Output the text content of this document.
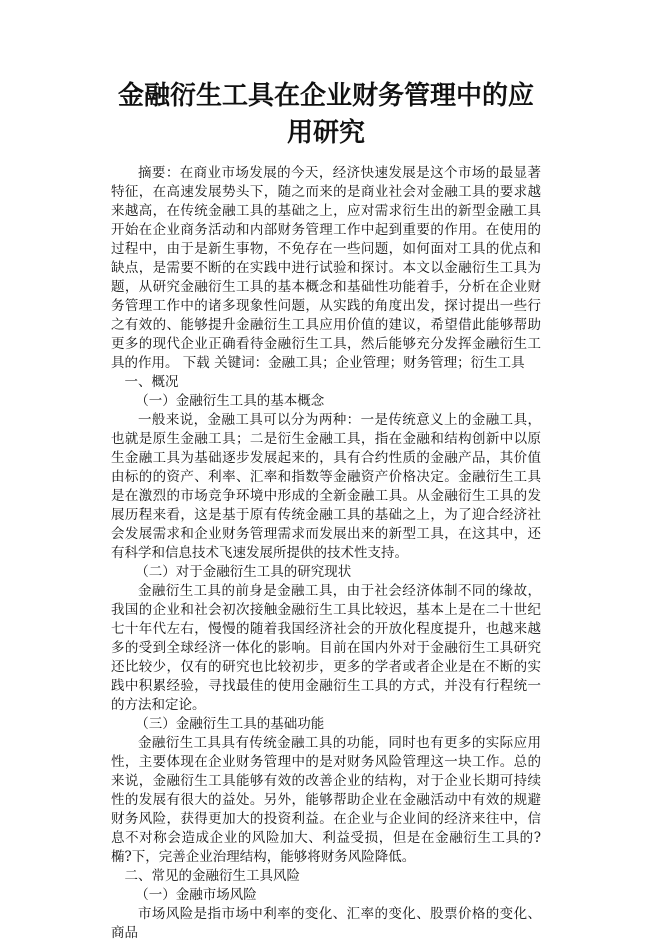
金融衍生工具在企业财务管理中的应用研究

摘要：在商业市场发展的今天，经济快速发展是这个市场的最显著特征，在高速发展势头下，随之而来的是商业社会对金融工具的要求越来越高，在传统金融工具的基础之上，应对需求衍生出的新型金融工具开始在企业商务活动和内部财务管理工作中起到重要的作用。在使用的过程中，由于是新生事物，不免存在一些问题，如何面对工具的优点和缺点，是需要不断的在实践中进行试验和探讨。本文以金融衍生工具为题，从研究金融衍生工具的基本概念和基础性功能着手，分析在企业财务管理工作中的诸多现象性问题，从实践的角度出发，探讨提出一些行之有效的、能够提升金融衍生工具应用价值的建议，希望借此能够帮助更多的现代企业正确看待金融衍生工具，然后能够充分发挥金融衍生工具的作用。 下载 关键词：金融工具；企业管理；财务管理；衍生工具

一、概况

（一）金融衍生工具的基本概念

一般来说，金融工具可以分为两种：一是传统意义上的金融工具，也就是原生金融工具；二是衍生金融工具，指在金融和结构创新中以原生金融工具为基础逐步发展起来的，具有合约性质的金融产品，其价值由标的的资产、利率、汇率和指数等金融资产价格决定。金融衍生工具是在激烈的市场竞争环境中形成的全新金融工具。从金融衍生工具的发展历程来看，这是基于原有传统金融工具的基础之上，为了迎合经济社会发展需求和企业财务管理需求而发展出来的新型工具，在这其中，还有科学和信息技术飞速发展所提供的技术性支持。

（二）对于金融衍生工具的研究现状

金融衍生工具的前身是金融工具，由于社会经济体制不同的缘故，我国的企业和社会初次接触金融衍生工具比较迟，基本上是在二十世纪七十年代左右，慢慢的随着我国经济社会的开放化程度提升，也越来越多的受到全球经济一体化的影响。目前在国内外对于金融衍生工具研究还比较少，仅有的研究也比较初步，更多的学者或者企业是在不断的实践中积累经验，寻找最佳的使用金融衍生工具的方式，并没有行程统一的方法和定论。

（三）金融衍生工具的基础功能

金融衍生工具具有传统金融工具的功能，同时也有更多的实际应用性，主要体现在企业财务管理中的是对财务风险管理这一块工作。总的来说，金融衍生工具能够有效的改善企业的结构，对于企业长期可持续性的发展有很大的益处。另外，能够帮助企业在金融活动中有效的规避财务风险，获得更加大的投资利益。在企业与企业间的经济来往中，信息不对称会造成企业的风险加大、利益受损，但是在金融衍生工具的?椭?下，完善企业治理结构，能够将财务风险降低。

二、常见的金融衍生工具风险

（一）金融市场风险

市场风险是指市场中利率的变化、汇率的变化、股票价格的变化、商品
